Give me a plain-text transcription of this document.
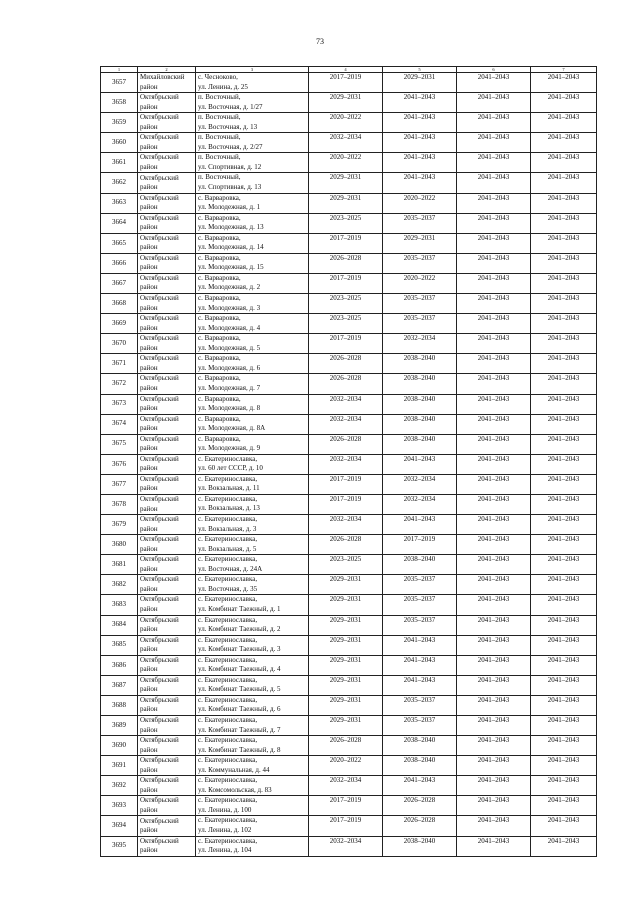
73
1	2	3	4	5	6	7
3657	Михайловский район	с. Чесноково,
ул. Ленина, д. 25	2017–2019	2029–2031	2041–2043	2041–2043
3658	Октябрьский район	п. Восточный,
ул. Восточная, д. 1/27	2029–2031	2041–2043	2041–2043	2041–2043
3659	Октябрьский район	п. Восточный,
ул. Восточная, д. 13	2020–2022	2041–2043	2041–2043	2041–2043
3660	Октябрьский район	п. Восточный,
ул. Восточная, д. 2/27	2032–2034	2041–2043	2041–2043	2041–2043
3661	Октябрьский район	п. Восточный,
ул. Спортивная, д. 12	2020–2022	2041–2043	2041–2043	2041–2043
3662	Октябрьский район	п. Восточный,
ул. Спортивная, д. 13	2029–2031	2041–2043	2041–2043	2041–2043
3663	Октябрьский район	с. Варваровка,
ул. Молодежная, д. 1	2029–2031	2020–2022	2041–2043	2041–2043
3664	Октябрьский район	с. Варваровка,
ул. Молодежная, д. 13	2023–2025	2035–2037	2041–2043	2041–2043
3665	Октябрьский район	с. Варваровка,
ул. Молодежная, д. 14	2017–2019	2029–2031	2041–2043	2041–2043
3666	Октябрьский район	с. Варваровка,
ул. Молодежная, д. 15	2026–2028	2035–2037	2041–2043	2041–2043
3667	Октябрьский район	с. Варваровка,
ул. Молодежная, д. 2	2017–2019	2020–2022	2041–2043	2041–2043
3668	Октябрьский район	с. Варваровка,
ул. Молодежная, д. 3	2023–2025	2035–2037	2041–2043	2041–2043
3669	Октябрьский район	с. Варваровка,
ул. Молодежная, д. 4	2023–2025	2035–2037	2041–2043	2041–2043
3670	Октябрьский район	с. Варваровка,
ул. Молодежная, д. 5	2017–2019	2032–2034	2041–2043	2041–2043
3671	Октябрьский район	с. Варваровка,
ул. Молодежная, д. 6	2026–2028	2038–2040	2041–2043	2041–2043
3672	Октябрьский район	с. Варваровка,
ул. Молодежная, д. 7	2026–2028	2038–2040	2041–2043	2041–2043
3673	Октябрьский район	с. Варваровка,
ул. Молодежная, д. 8	2032–2034	2038–2040	2041–2043	2041–2043
3674	Октябрьский район	с. Варваровка,
ул. Молодежная, д. 8А	2032–2034	2038–2040	2041–2043	2041–2043
3675	Октябрьский район	с. Варваровка,
ул. Молодежная, д. 9	2026–2028	2038–2040	2041–2043	2041–2043
3676	Октябрьский район	с. Екатеринославка,
ул. 60 лет СССР, д. 10	2032–2034	2041–2043	2041–2043	2041–2043
3677	Октябрьский район	с. Екатеринославка,
ул. Вокзальная, д. 11	2017–2019	2032–2034	2041–2043	2041–2043
3678	Октябрьский район	с. Екатеринославка,
ул. Вокзальная, д. 13	2017–2019	2032–2034	2041–2043	2041–2043
3679	Октябрьский район	с. Екатеринославка,
ул. Вокзальная, д. 3	2032–2034	2041–2043	2041–2043	2041–2043
3680	Октябрьский район	с. Екатеринославка,
ул. Вокзальная, д. 5	2026–2028	2017–2019	2041–2043	2041–2043
3681	Октябрьский район	с. Екатеринославка,
ул. Восточная, д. 24А	2023–2025	2038–2040	2041–2043	2041–2043
3682	Октябрьский район	с. Екатеринославка,
ул. Восточная, д. 35	2029–2031	2035–2037	2041–2043	2041–2043
3683	Октябрьский район	с. Екатеринославка,
ул. Комбинат Таежный, д. 1	2029–2031	2035–2037	2041–2043	2041–2043
3684	Октябрьский район	с. Екатеринославка,
ул. Комбинат Таежный, д. 2	2029–2031	2035–2037	2041–2043	2041–2043
3685	Октябрьский район	с. Екатеринославка,
ул. Комбинат Таежный, д. 3	2029–2031	2041–2043	2041–2043	2041–2043
3686	Октябрьский район	с. Екатеринославка,
ул. Комбинат Таежный, д. 4	2029–2031	2041–2043	2041–2043	2041–2043
3687	Октябрьский район	с. Екатеринославка,
ул. Комбинат Таежный, д. 5	2029–2031	2041–2043	2041–2043	2041–2043
3688	Октябрьский район	с. Екатеринославка,
ул. Комбинат Таежный, д. 6	2029–2031	2035–2037	2041–2043	2041–2043
3689	Октябрьский район	с. Екатеринославка,
ул. Комбинат Таежный, д. 7	2029–2031	2035–2037	2041–2043	2041–2043
3690	Октябрьский район	с. Екатеринославка,
ул. Комбинат Таежный, д. 8	2026–2028	2038–2040	2041–2043	2041–2043
3691	Октябрьский район	с. Екатеринославка,
ул. Коммунальная, д. 44	2020–2022	2038–2040	2041–2043	2041–2043
3692	Октябрьский район	с. Екатеринославка,
ул. Комсомольская, д. 83	2032–2034	2041–2043	2041–2043	2041–2043
3693	Октябрьский район	с. Екатеринославка,
ул. Ленина, д. 100	2017–2019	2026–2028	2041–2043	2041–2043
3694	Октябрьский район	с. Екатеринославка,
ул. Ленина, д. 102	2017–2019	2026–2028	2041–2043	2041–2043
3695	Октябрьский район	с. Екатеринославка,
ул. Ленина, д. 104	2032–2034	2038–2040	2041–2043	2041–2043
